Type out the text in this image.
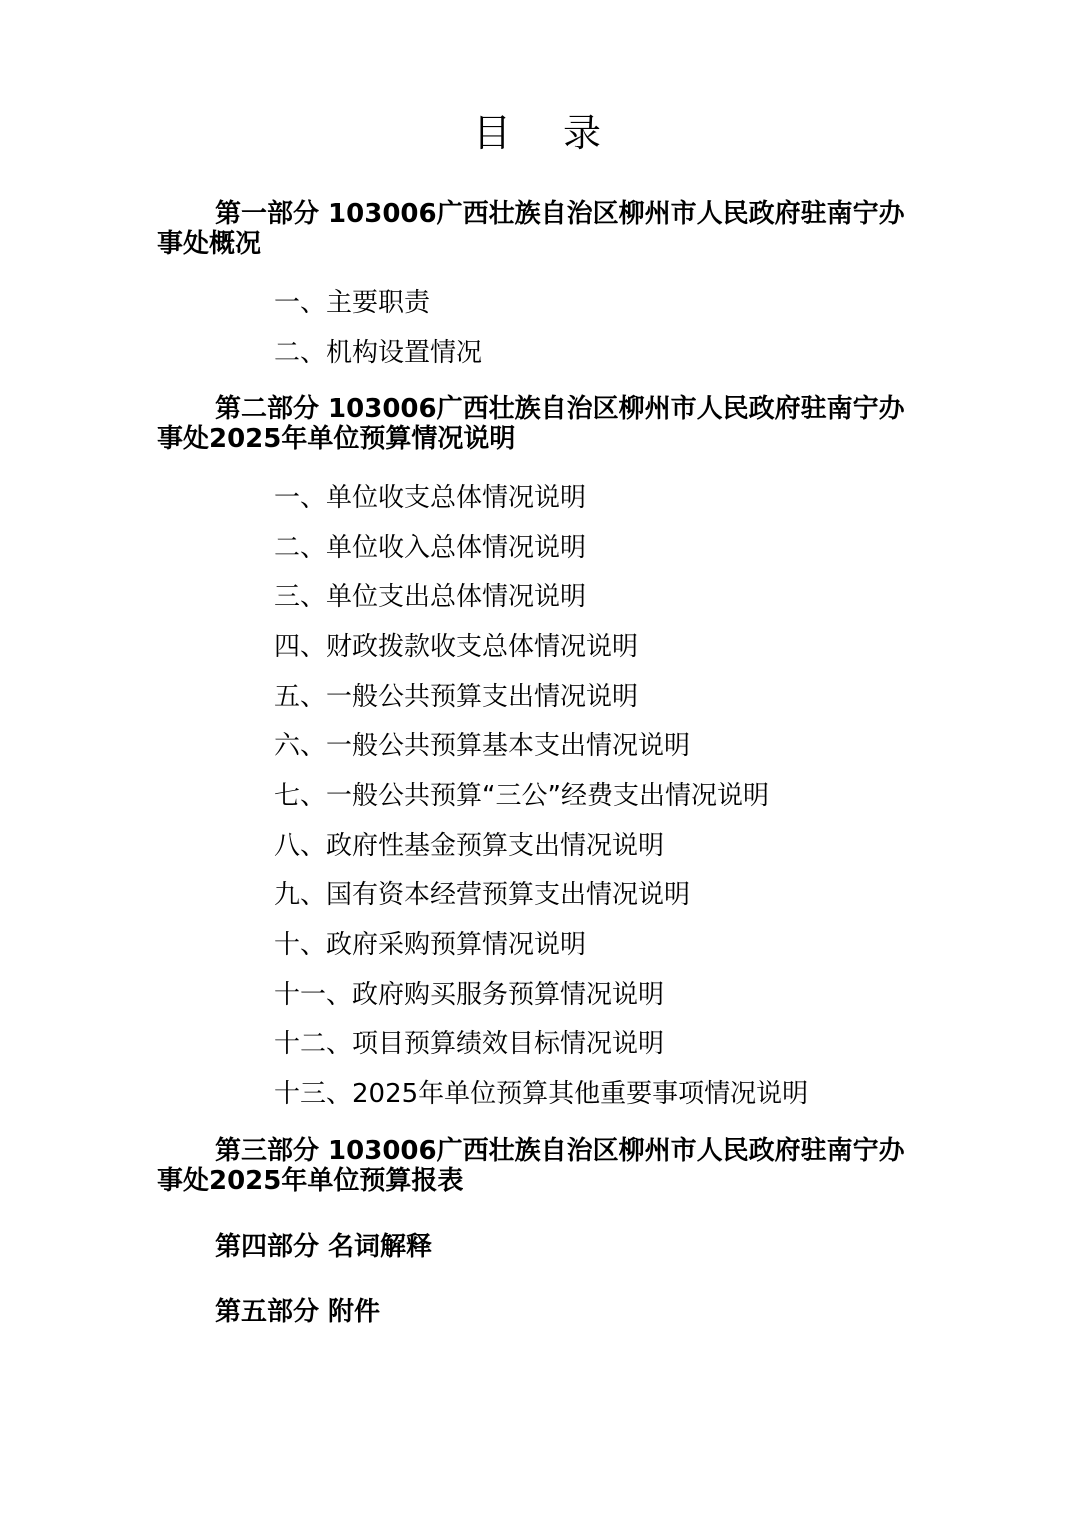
目 录
第一部分 103006广西壮族自治区柳州市人民政府驻南宁办事处概况
一、主要职责
二、机构设置情况
第二部分 103006广西壮族自治区柳州市人民政府驻南宁办事处2025年单位预算情况说明
一、单位收支总体情况说明
二、单位收入总体情况说明
三、单位支出总体情况说明
四、财政拨款收支总体情况说明
五、一般公共预算支出情况说明
六、一般公共预算基本支出情况说明
七、一般公共预算“三公”经费支出情况说明
八、政府性基金预算支出情况说明
九、国有资本经营预算支出情况说明
十、政府采购预算情况说明
十一、政府购买服务预算情况说明
十二、项目预算绩效目标情况说明
十三、2025年单位预算其他重要事项情况说明
第三部分 103006广西壮族自治区柳州市人民政府驻南宁办事处2025年单位预算报表
第四部分 名词解释
第五部分 附件
